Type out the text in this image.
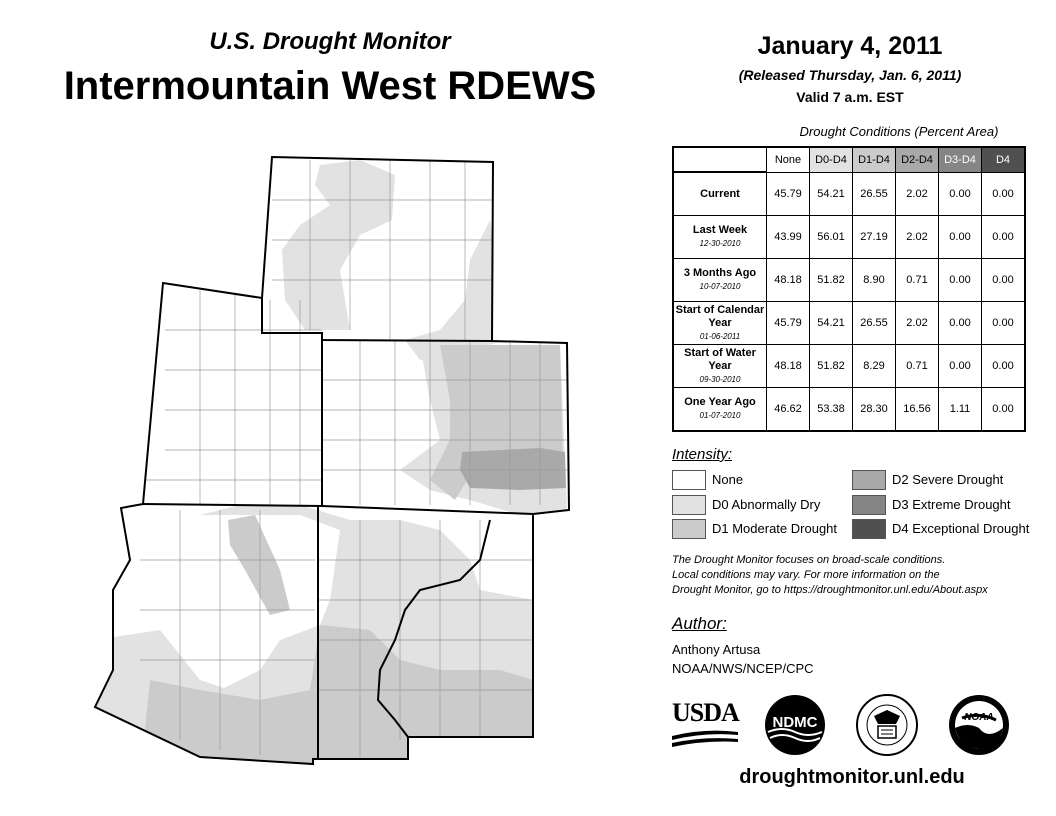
U.S. Drought Monitor
Intermountain West RDEWS
January 4, 2011
(Released Thursday, Jan. 6, 2011)
Valid 7 a.m. EST
Drought Conditions (Percent Area)
	None	D0-D4	D1-D4	D2-D4	D3-D4	D4
Current	45.79	54.21	26.55	2.02	0.00	0.00
Last Week
12-30-2010	43.99	56.01	27.19	2.02	0.00	0.00
3 Months Ago
10-07-2010	48.18	51.82	8.90	0.71	0.00	0.00
Start of Calendar Year
01-06-2011	45.79	54.21	26.55	2.02	0.00	0.00
Start of Water Year
09-30-2010	48.18	51.82	8.29	0.71	0.00	0.00
One Year Ago
01-07-2010	46.62	53.38	28.30	16.56	1.11	0.00
Intensity:
None
D0 Abnormally Dry
D1 Moderate Drought
D2 Severe Drought
D3 Extreme Drought
D4 Exceptional Drought
The Drought Monitor focuses on broad-scale conditions.
Local conditions may vary. For more information on the
Drought Monitor, go to https://droughtmonitor.unl.edu/About.aspx
Author:
Anthony Artusa
NOAA/NWS/NCEP/CPC
USDA	NDMC	NOAA
droughtmonitor.unl.edu
